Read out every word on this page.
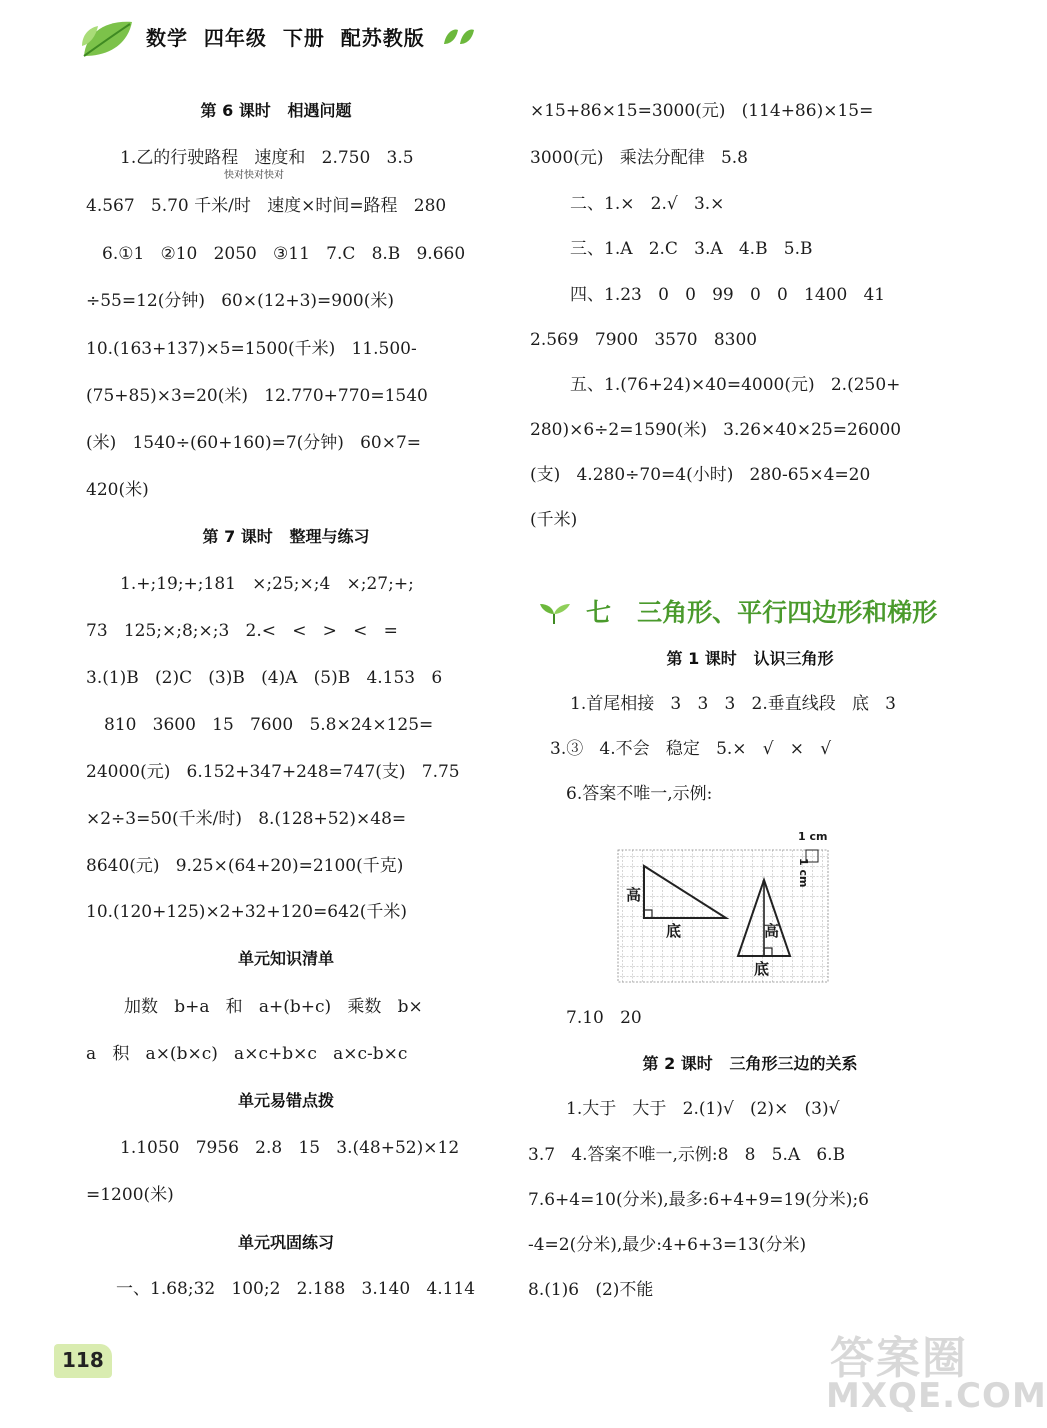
数学  四年级  下册  配苏教版
第 6 课时   相遇问题
1.乙的行驶路程   速度和   2.750   3.5
快对快对快对
4.567   5.70 千米/时   速度×时间=路程   280
6.①1   ②10   2050   ③11   7.C   8.B   9.660
÷55=12(分钟)   60×(12+3)=900(米)
10.(163+137)×5=1500(千米)   11.500-
(75+85)×3=20(米)   12.770+770=1540
(米)   1540÷(60+160)=7(分钟)   60×7=
420(米)
第 7 课时   整理与练习
1.+;19;+;181   ×;25;×;4   ×;27;+;
73   125;×;8;×;3   2.<   <   >   <   =
3.(1)B   (2)C   (3)B   (4)A   (5)B   4.153   6
810   3600   15   7600   5.8×24×125=
24000(元)   6.152+347+248=747(支)   7.75
×2÷3=50(千米/时)   8.(128+52)×48=
8640(元)   9.25×(64+20)=2100(千克)
10.(120+125)×2+32+120=642(千米)
单元知识清单
加数   b+a   和   a+(b+c)   乘数   b×
a   积   a×(b×c)   a×c+b×c   a×c-b×c
单元易错点拨
1.1050   7956   2.8   15   3.(48+52)×12
=1200(米)
单元巩固练习
一、1.68;32   100;2   2.188   3.140   4.114
×15+86×15=3000(元)   (114+86)×15=
3000(元)   乘法分配律   5.8
二、1.×   2.√   3.×
三、1.A   2.C   3.A   4.B   5.B
四、1.23   0   0   99   0   0   1400   41
2.569   7900   3570   8300
五、1.(76+24)×40=4000(元)   2.(250+
280)×6÷2=1590(米)   3.26×40×25=26000
(支)   4.280÷70=4(小时)   280-65×4=20
(千米)
七   三角形、平行四边形和梯形
第 1 课时   认识三角形
1.首尾相接   3   3   3   2.垂直线段   底   3
3.③   4.不会   稳定   5.×   √   ×   √
6.答案不唯一,示例:
1 cm
1 cm
高
底	高
底
7.10   20
第 2 课时   三角形三边的关系
1.大于   大于   2.(1)√   (2)×   (3)√
3.7   4.答案不唯一,示例:8   8   5.A   6.B
7.6+4=10(分米),最多:6+4+9=19(分米);6
-4=2(分米),最少:4+6+3=13(分米)
8.(1)6   (2)不能
118	答案圈
MXQE.COM
